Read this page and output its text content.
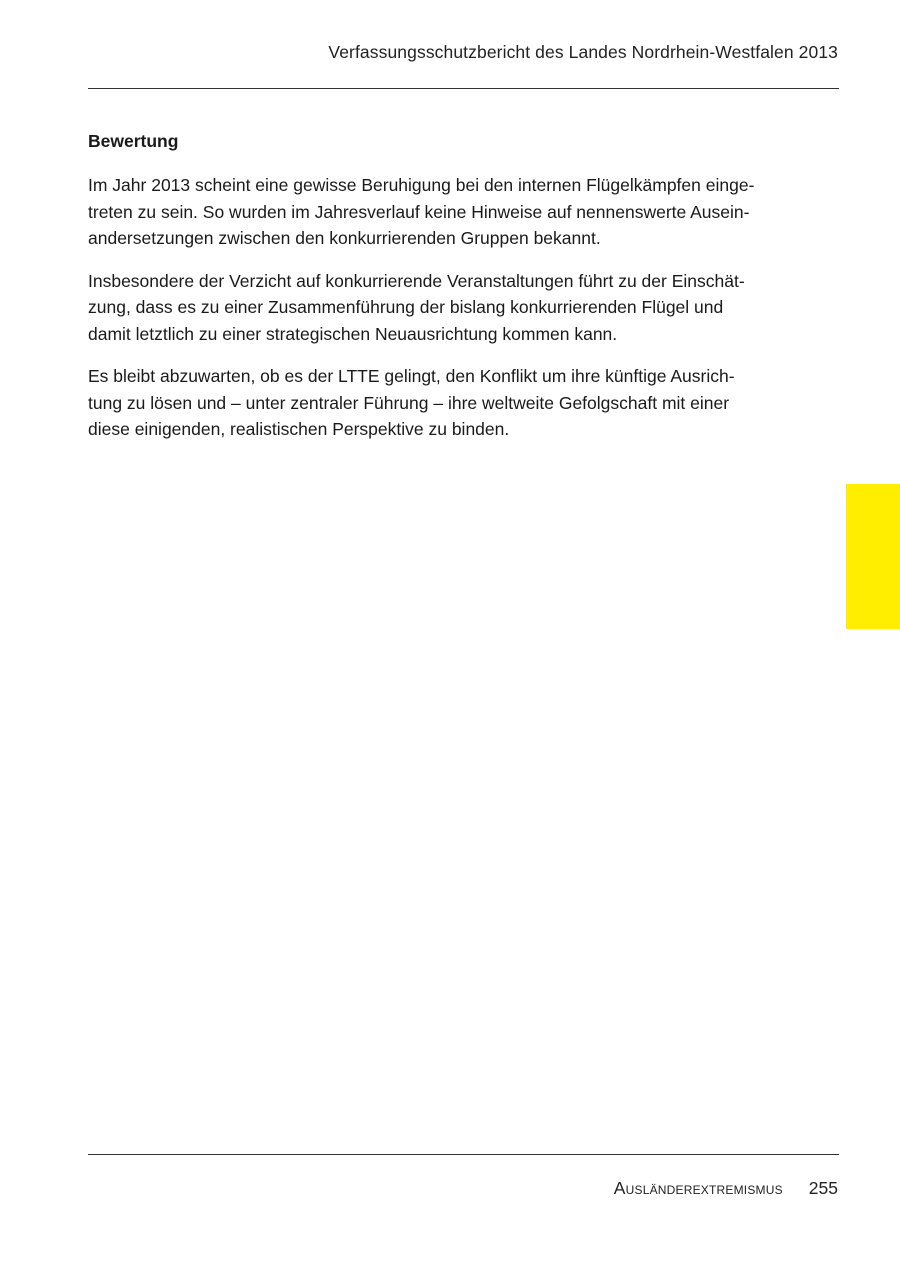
Verfassungsschutzbericht des Landes Nordrhein-Westfalen 2013
Bewertung

Im Jahr 2013 scheint eine gewisse Beruhigung bei den internen Flügelkämpfen einge-
treten zu sein. So wurden im Jahresverlauf keine Hinweise auf nennenswerte Ausein-
andersetzungen zwischen den konkurrierenden Gruppen bekannt.

Insbesondere der Verzicht auf konkurrierende Veranstaltungen führt zu der Einschät-
zung, dass es zu einer Zusammenführung der bislang konkurrierenden Flügel und
damit letztlich zu einer strategischen Neuausrichtung kommen kann.

Es bleibt abzuwarten, ob es der LTTE gelingt, den Konflikt um ihre künftige Ausrich-
tung zu lösen und – unter zentraler Führung – ihre weltweite Gefolgschaft mit einer
diese einigenden, realistischen Perspektive zu binden.

Ausländerextremismus 255
